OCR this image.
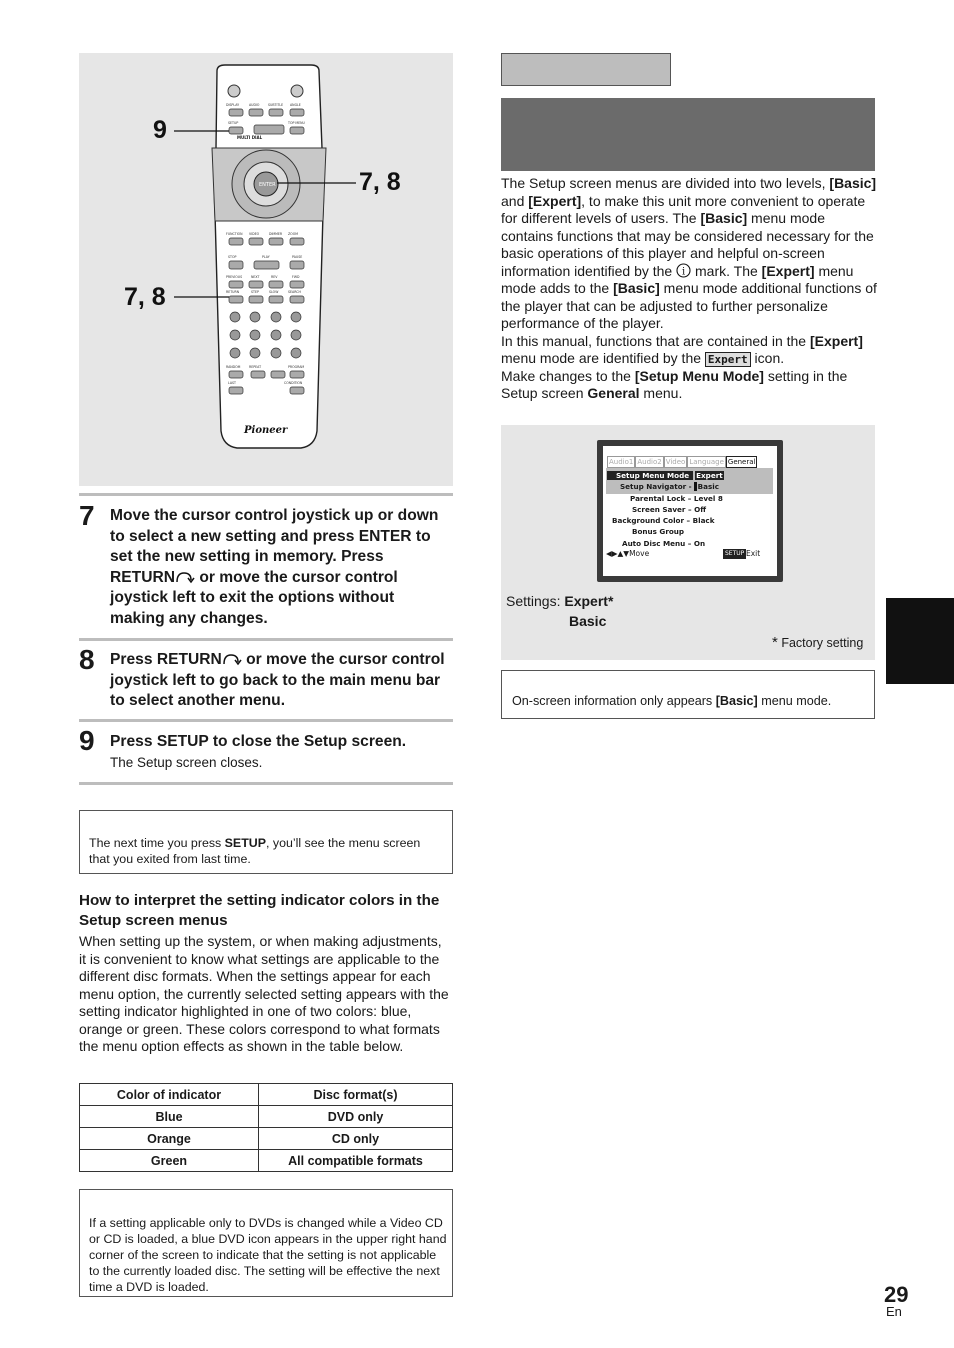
DISPLAY	AUDIO	SUBTITLE ANGLE
SETUP	TOP MENU
FUNCTION VIDEO	DIMMER ZOOM
STOP	PLAY	PAUSE
PREVIOUS	NEXT	REV	FWD
RETURN	STEP	SLOW	SEARCH
RANDOM	REPEAT	PROGRAM
LAST	CONDITION
MULTI DIAL
ENTER
Pioneer
9
7, 8
7, 8
7 Move the cursor control joystick up or down to select a new setting and press ENTER to set the new setting in memory. Press RETURN or move the cursor control joystick left to exit the options without making any changes.
8 Press RETURN or move the cursor control joystick left to go back to the main menu bar to select another menu.
9 Press SETUP to close the Setup screen.
The Setup screen closes.
The next time you press SETUP, you’ll see the menu screen that you exited from last time.
How to interpret the setting indicator colors in the Setup screen menus
When setting up the system, or when making adjustments, it is convenient to know what settings are applicable to the different disc formats. When the settings appear for each menu option, the currently selected setting appears with the setting indicator highlighted in one of two colors: blue, orange or green. These colors correspond to what formats the menu option effects as shown in the table below.
Color of indicator	Disc format(s)
Blue	DVD only
Orange	CD only
Green	All compatible formats
If a setting applicable only to DVDs is changed while a Video CD or CD is loaded, a blue DVD icon appears in the upper right hand corner of the screen to indicate that the setting is not applicable to the currently loaded disc. The setting will be effective the next time a DVD is loaded.
The Setup screen menus are divided into two levels, [Basic] and [Expert], to make this unit more convenient to operate for different levels of users. The [Basic] menu mode contains functions that may be considered necessary for the basic operations of this player and helpful on-screen information identified by the i mark. The [Expert] menu mode adds to the [Basic] menu mode additional functions of the player that can be adjusted to further personalize performance of the player.
In this manual, functions that are contained in the [Expert] menu mode are identified by the Expert icon.
Make changes to the [Setup Menu Mode] setting in the Setup screen General menu.
Audio1 Audio2 Video Language General
Setup Menu Mode Expert
Setup Navigator - Basic
Parental Lock – Level 8
Screen Saver – Off
Background Color – Black
Bonus Group
Auto Disc Menu – On
◀▶▲▼Move	SETUP Exit
Settings: Expert*
Basic
* Factory setting
On-screen information only appears [Basic] menu mode.
29
En
